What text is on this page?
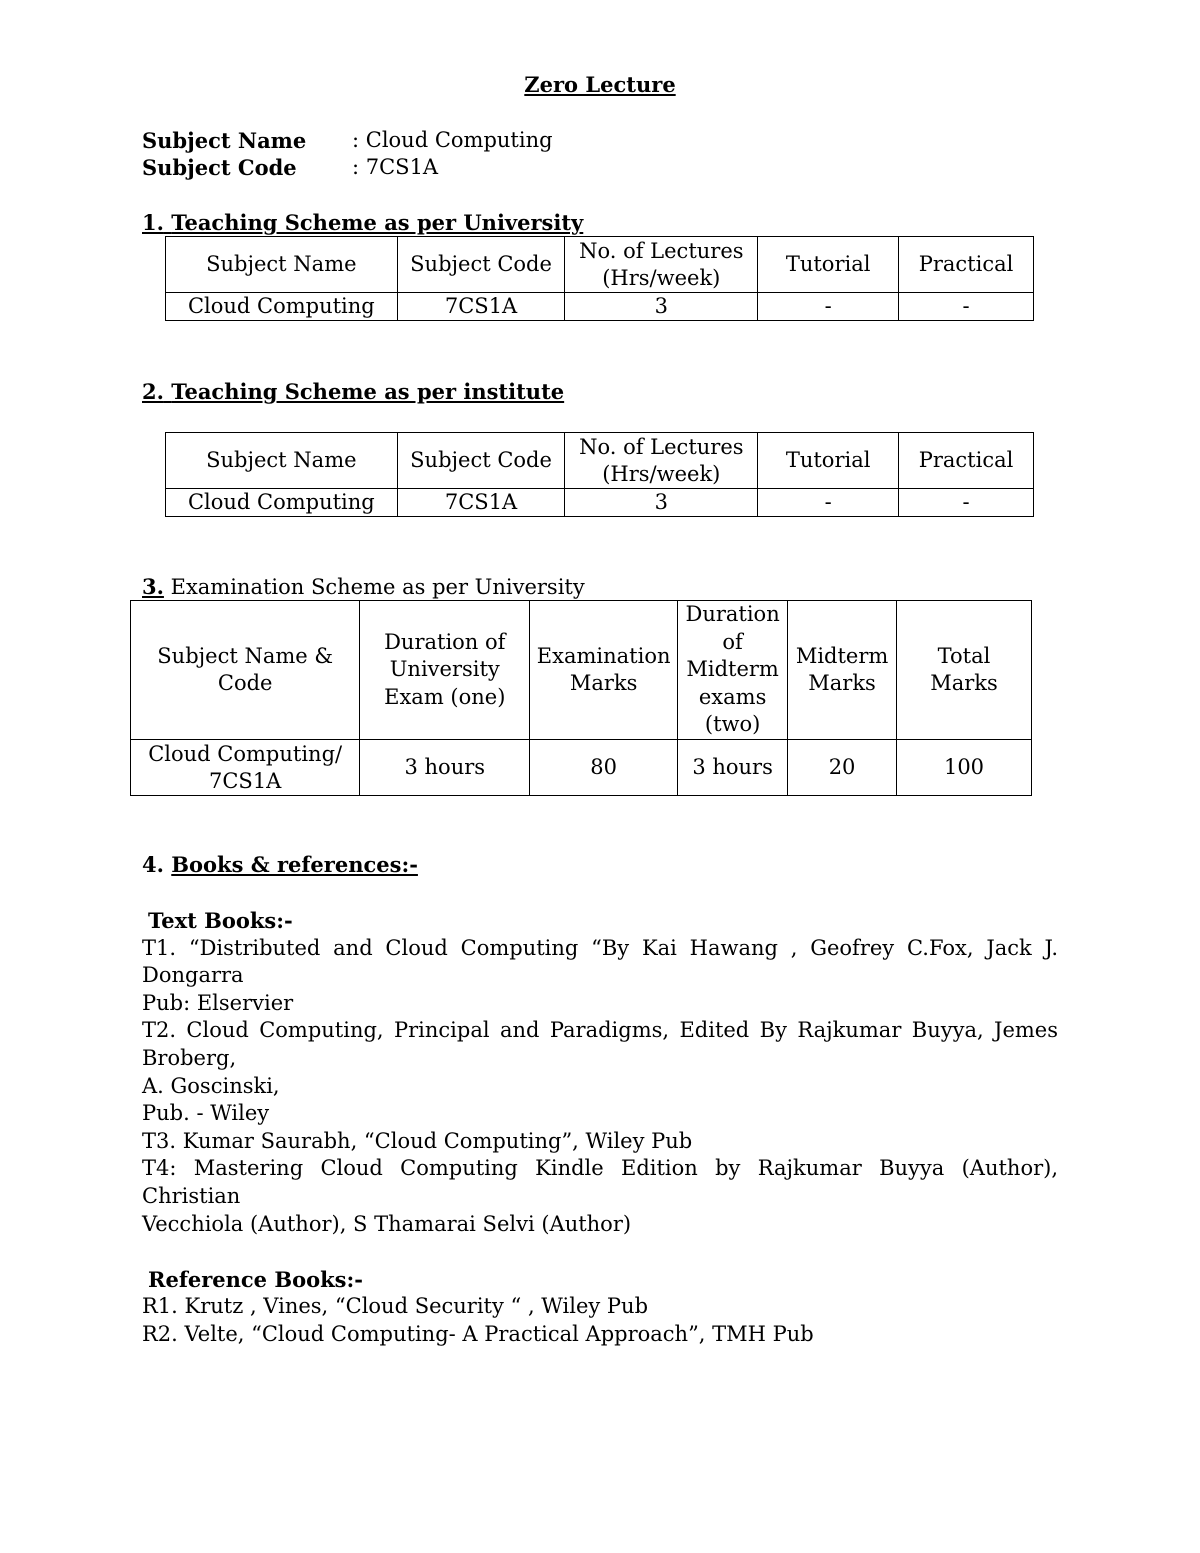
Zero Lecture
Subject Name : Cloud Computing
Subject Code	: 7CS1A
1. Teaching Scheme as per University
Subject Name	Subject Code	No. of Lectures (Hrs/week)	Tutorial	Practical
Cloud Computing	7CS1A	3	-	-
2. Teaching Scheme as per institute
Subject Name	Subject Code	No. of Lectures (Hrs/week)	Tutorial	Practical
Cloud Computing	7CS1A	3	-	-
3. Examination Scheme as per University
Subject Name & Code	Duration of University Exam (one)	Examination Marks	Duration of Midterm exams (two)	Midterm Marks	Total Marks
Cloud Computing/ 7CS1A	3 hours	80	3 hours	20	100
4. Books & references:-
Text Books:-
T1. “Distributed and Cloud Computing “By Kai Hawang , Geofrey C.Fox, Jack J. Dongarra
Pub: Elservier
T2. Cloud Computing, Principal and Paradigms, Edited By Rajkumar Buyya, Jemes Broberg,
A. Goscinski,
Pub. - Wiley
T3. Kumar Saurabh, “Cloud Computing”, Wiley Pub
T4: Mastering Cloud Computing Kindle Edition by Rajkumar Buyya (Author), Christian
Vecchiola (Author), S Thamarai Selvi (Author)
Reference Books:-
R1. Krutz , Vines, “Cloud Security “ , Wiley Pub
R2. Velte, “Cloud Computing- A Practical Approach”, TMH Pub
